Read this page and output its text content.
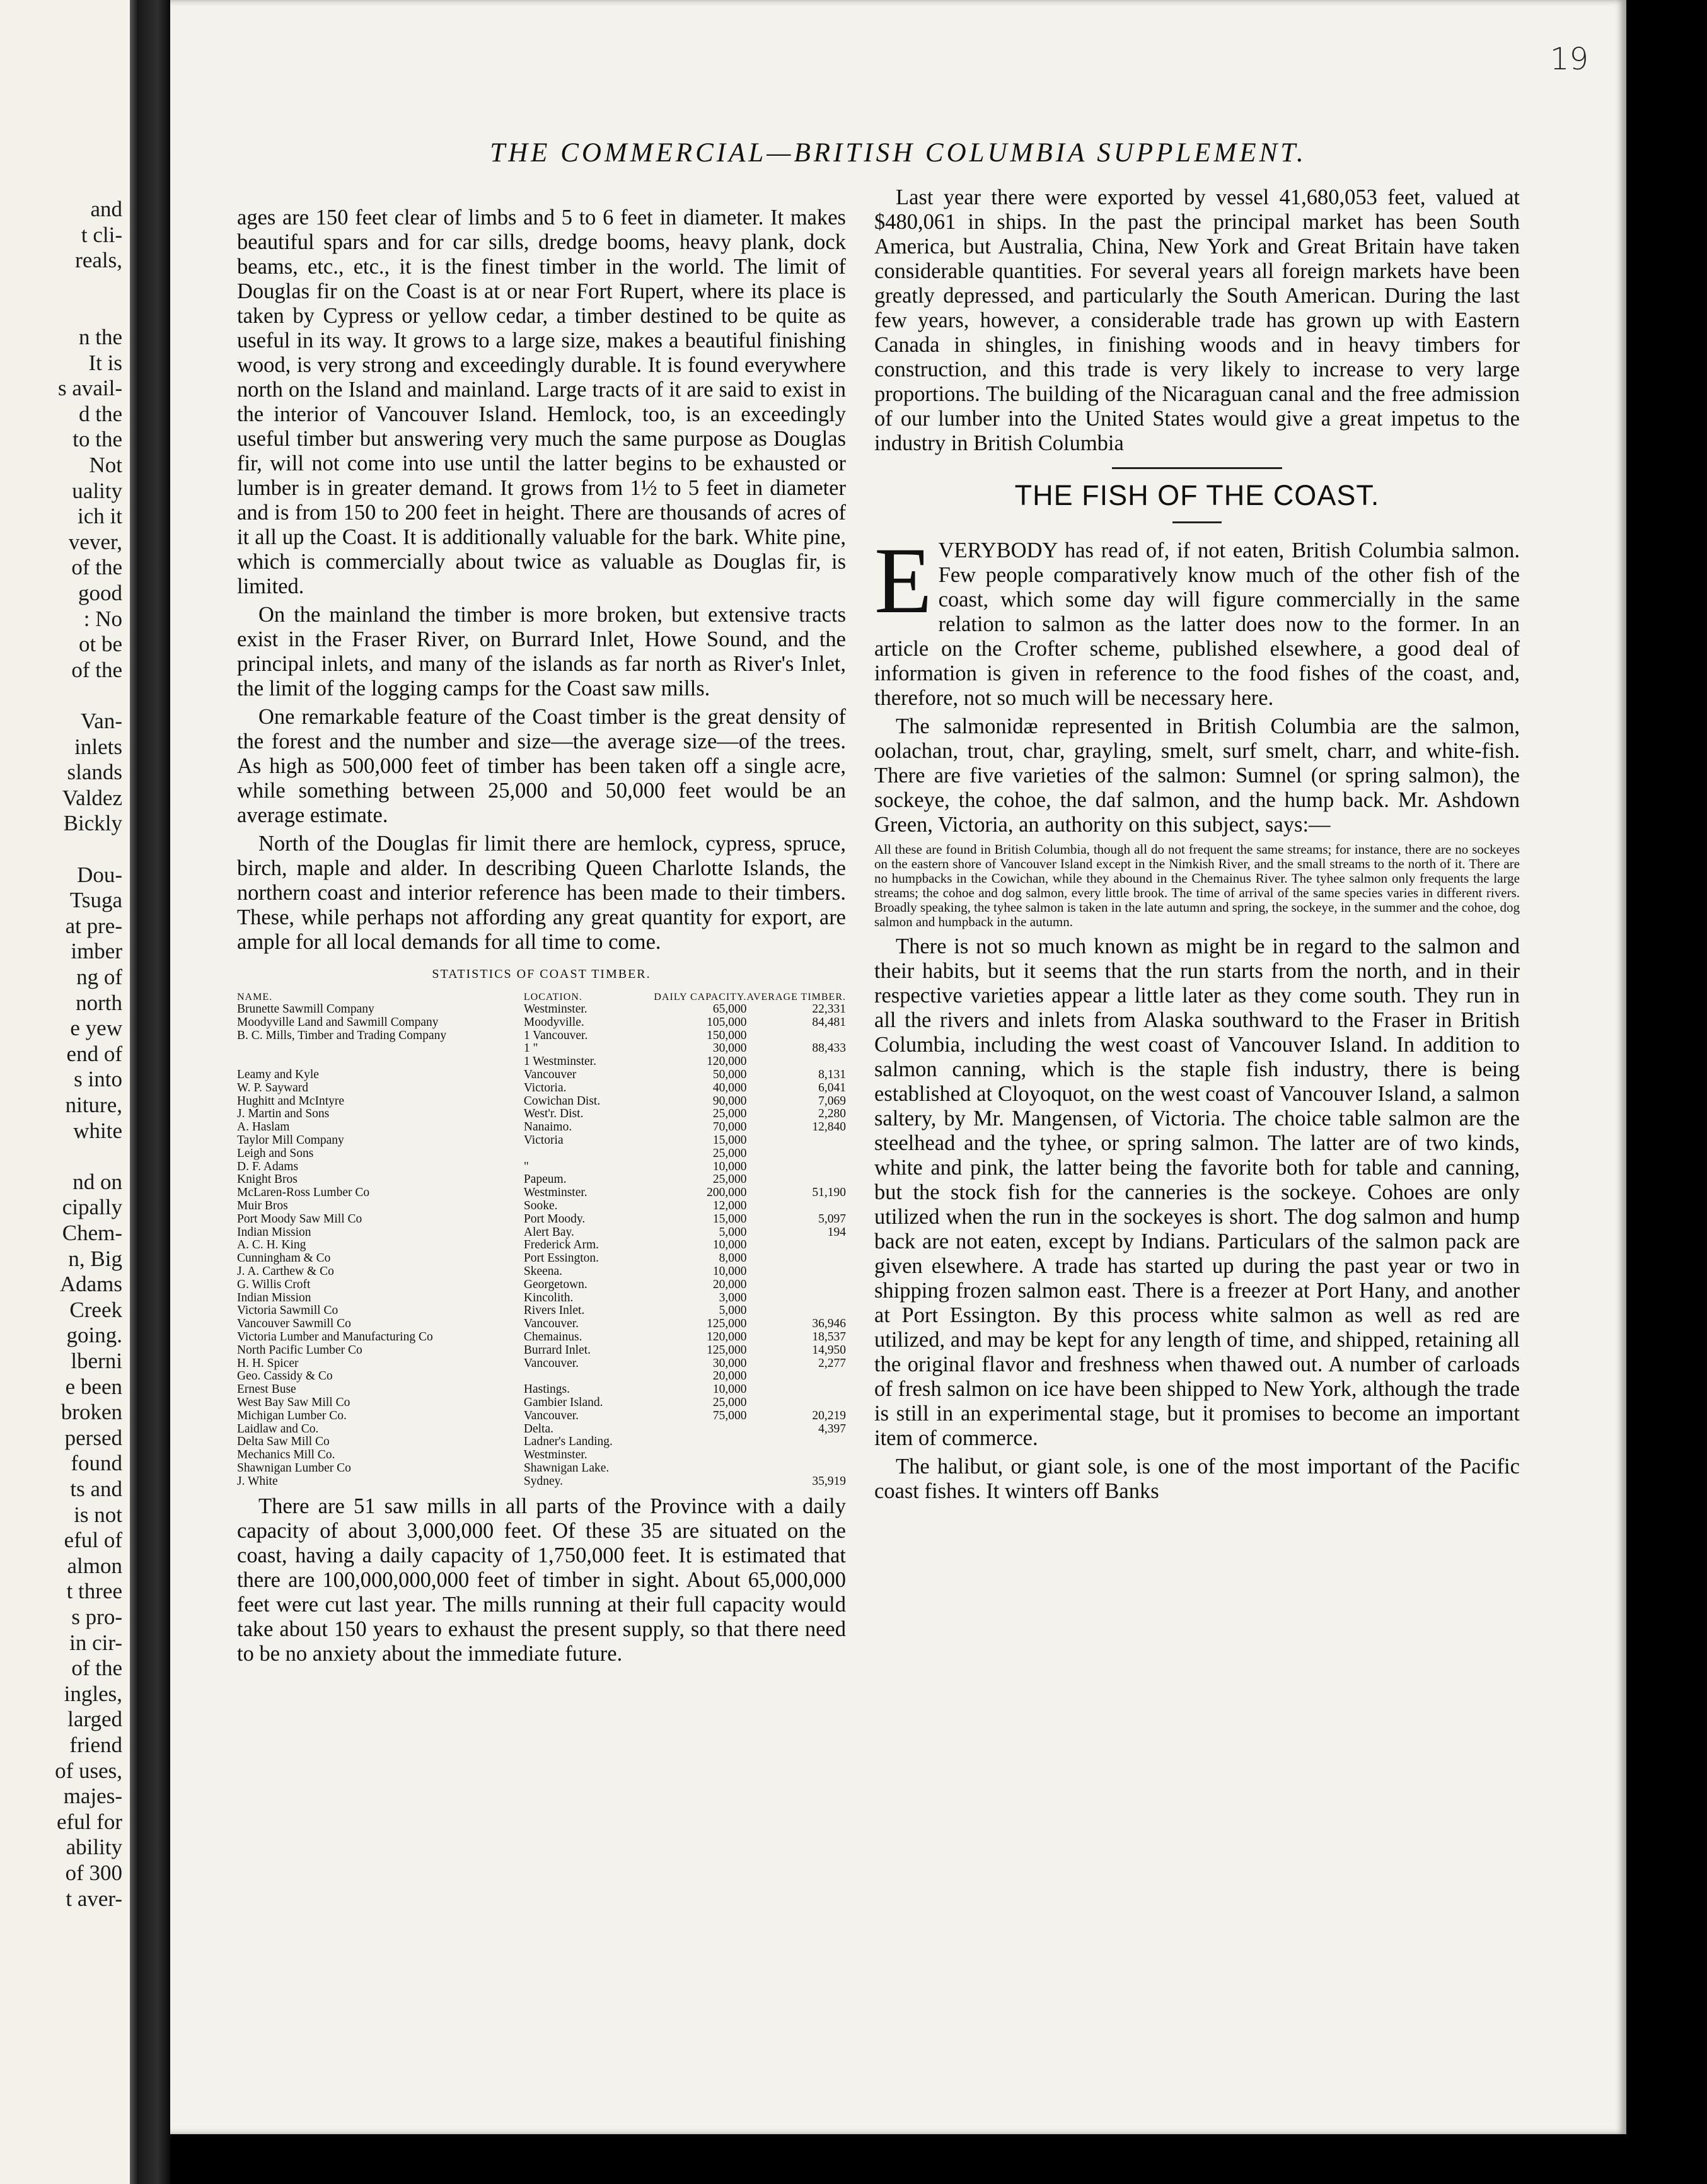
and
t cli-
reals,
n the
It is
s avail-
d the
to the
Not
uality
ich it
vever,
of the
good
: No
ot be
of the
Van-
inlets
slands
Valdez
Bickly
Dou-
Tsuga
at pre-
imber
ng of
north
e yew
end of
s into
niture,
white
nd on
cipally
Chem-
n, Big
Adams
Creek
going.
lberni
e been
broken
persed
found
ts and
is not
eful of
almon
t three
s pro-
in cir-
of the
ingles,
larged
friend
of uses,
majes-
eful for
ability
of 300
t aver-
19
THE COMMERCIAL—BRITISH COLUMBIA SUPPLEMENT.

ages are 150 feet clear of limbs and 5 to 6 feet in diameter. It makes beautiful spars and for car sills, dredge booms, heavy plank, dock beams, etc., etc., it is the finest timber in the world. The limit of Douglas fir on the Coast is at or near Fort Rupert, where its place is taken by Cypress or yellow cedar, a timber destined to be quite as useful in its way. It grows to a large size, makes a beautiful finishing wood, is very strong and exceedingly durable. It is found everywhere north on the Island and mainland. Large tracts of it are said to exist in the interior of Vancouver Island. Hemlock, too, is an exceedingly useful timber but answering very much the same purpose as Douglas fir, will not come into use until the latter begins to be exhausted or lumber is in greater demand. It grows from 1½ to 5 feet in diameter and is from 150 to 200 feet in height. There are thousands of acres of it all up the Coast. It is additionally valuable for the bark. White pine, which is commercially about twice as valuable as Douglas fir, is limited.

On the mainland the timber is more broken, but extensive tracts exist in the Fraser River, on Burrard Inlet, Howe Sound, and the principal inlets, and many of the islands as far north as River's Inlet, the limit of the logging camps for the Coast saw mills.

One remarkable feature of the Coast timber is the great density of the forest and the number and size—the average size—of the trees. As high as 500,000 feet of timber has been taken off a single acre, while something between 25,000 and 50,000 feet would be an average estimate.

North of the Douglas fir limit there are hemlock, cypress, spruce, birch, maple and alder. In describing Queen Charlotte Islands, the northern coast and interior reference has been made to their timbers. These, while perhaps not affording any great quantity for export, are ample for all local demands for all time to come.

STATISTICS OF COAST TIMBER.
NAME.	LOCATION.	DAILY CAPACITY.	AVERAGE TIMBER.
Brunette Sawmill Company	Westminster.	65,000	22,331
Moodyville Land and Sawmill Company	Moodyville.	105,000	84,481
B. C. Mills, Timber and Trading Company	1 Vancouver.	150,000	
	1 "	30,000	88,433
	1 Westminster.	120,000	
Leamy and Kyle	Vancouver	50,000	8,131
W. P. Sayward	Victoria.	40,000	6,041
Hughitt and McIntyre	Cowichan Dist.	90,000	7,069
J. Martin and Sons	West'r. Dist.	25,000	2,280
A. Haslam	Nanaimo.	70,000	12,840
Taylor Mill Company	Victoria	15,000	
Leigh and Sons		25,000	
D. F. Adams	"	10,000	
Knight Bros	Papeum.	25,000	
McLaren-Ross Lumber Co	Westminster.	200,000	51,190
Muir Bros	Sooke.	12,000	
Port Moody Saw Mill Co	Port Moody.	15,000	5,097
Indian Mission	Alert Bay.	5,000	194
A. C. H. King	Frederick Arm.	10,000	
Cunningham & Co	Port Essington.	8,000	
J. A. Carthew & Co	Skeena.	10,000	
G. Willis Croft	Georgetown.	20,000	
Indian Mission	Kincolith.	3,000	
Victoria Sawmill Co	Rivers Inlet.	5,000	
Vancouver Sawmill Co	Vancouver.	125,000	36,946
Victoria Lumber and Manufacturing Co	Chemainus.	120,000	18,537
North Pacific Lumber Co	Burrard Inlet.	125,000	14,950
H. H. Spicer	Vancouver.	30,000	2,277
Geo. Cassidy & Co		20,000	
Ernest Buse	Hastings.	10,000	
West Bay Saw Mill Co	Gambier Island.	25,000	
Michigan Lumber Co.	Vancouver.	75,000	20,219
Laidlaw and Co.	Delta.		4,397
Delta Saw Mill Co	Ladner's Landing.		
Mechanics Mill Co.	Westminster.		
Shawnigan Lumber Co	Shawnigan Lake.		
J. White	Sydney.		35,919

There are 51 saw mills in all parts of the Province with a daily capacity of about 3,000,000 feet. Of these 35 are situated on the coast, having a daily capacity of 1,750,000 feet. It is estimated that there are 100,000,000,000 feet of timber in sight. About 65,000,000 feet were cut last year. The mills running at their full capacity would take about 150 years to exhaust the present supply, so that there need to be no anxiety about the immediate future.

Last year there were exported by vessel 41,680,053 feet, valued at $480,061 in ships. In the past the principal market has been South America, but Australia, China, New York and Great Britain have taken considerable quantities. For several years all foreign markets have been greatly depressed, and particularly the South American. During the last few years, however, a considerable trade has grown up with Eastern Canada in shingles, in finishing woods and in heavy timbers for construction, and this trade is very likely to increase to very large proportions. The building of the Nicaraguan canal and the free admission of our lumber into the United States would give a great impetus to the industry in British Columbia

THE FISH OF THE COAST.

EVERYBODY has read of, if not eaten, British Columbia salmon. Few people comparatively know much of the other fish of the coast, which some day will figure commercially in the same relation to salmon as the latter does now to the former. In an article on the Crofter scheme, published elsewhere, a good deal of information is given in reference to the food fishes of the coast, and, therefore, not so much will be necessary here.

The salmonidæ represented in British Columbia are the salmon, oolachan, trout, char, grayling, smelt, surf smelt, charr, and white-fish. There are five varieties of the salmon: Sumnel (or spring salmon), the sockeye, the cohoe, the daf salmon, and the hump back. Mr. Ashdown Green, Victoria, an authority on this subject, says:—

All these are found in British Columbia, though all do not frequent the same streams; for instance, there are no sockeyes on the eastern shore of Vancouver Island except in the Nimkish River, and the small streams to the north of it. There are no humpbacks in the Cowichan, while they abound in the Chemainus River. The tyhee salmon only frequents the large streams; the cohoe and dog salmon, every little brook. The time of arrival of the same species varies in different rivers. Broadly speaking, the tyhee salmon is taken in the late autumn and spring, the sockeye, in the summer and the cohoe, dog salmon and humpback in the autumn.

There is not so much known as might be in regard to the salmon and their habits, but it seems that the run starts from the north, and in their respective varieties appear a little later as they come south. They run in all the rivers and inlets from Alaska southward to the Fraser in British Columbia, including the west coast of Vancouver Island. In addition to salmon canning, which is the staple fish industry, there is being established at Cloyoquot, on the west coast of Vancouver Island, a salmon saltery, by Mr. Mangensen, of Victoria. The choice table salmon are the steelhead and the tyhee, or spring salmon. The latter are of two kinds, white and pink, the latter being the favorite both for table and canning, but the stock fish for the canneries is the sockeye. Cohoes are only utilized when the run in the sockeyes is short. The dog salmon and hump back are not eaten, except by Indians. Particulars of the salmon pack are given elsewhere. A trade has started up during the past year or two in shipping frozen salmon east. There is a freezer at Port Hany, and another at Port Essington. By this process white salmon as well as red are utilized, and may be kept for any length of time, and shipped, retaining all the original flavor and freshness when thawed out. A number of carloads of fresh salmon on ice have been shipped to New York, although the trade is still in an experimental stage, but it promises to become an important item of commerce.

The halibut, or giant sole, is one of the most important of the Pacific coast fishes. It winters off Banks
